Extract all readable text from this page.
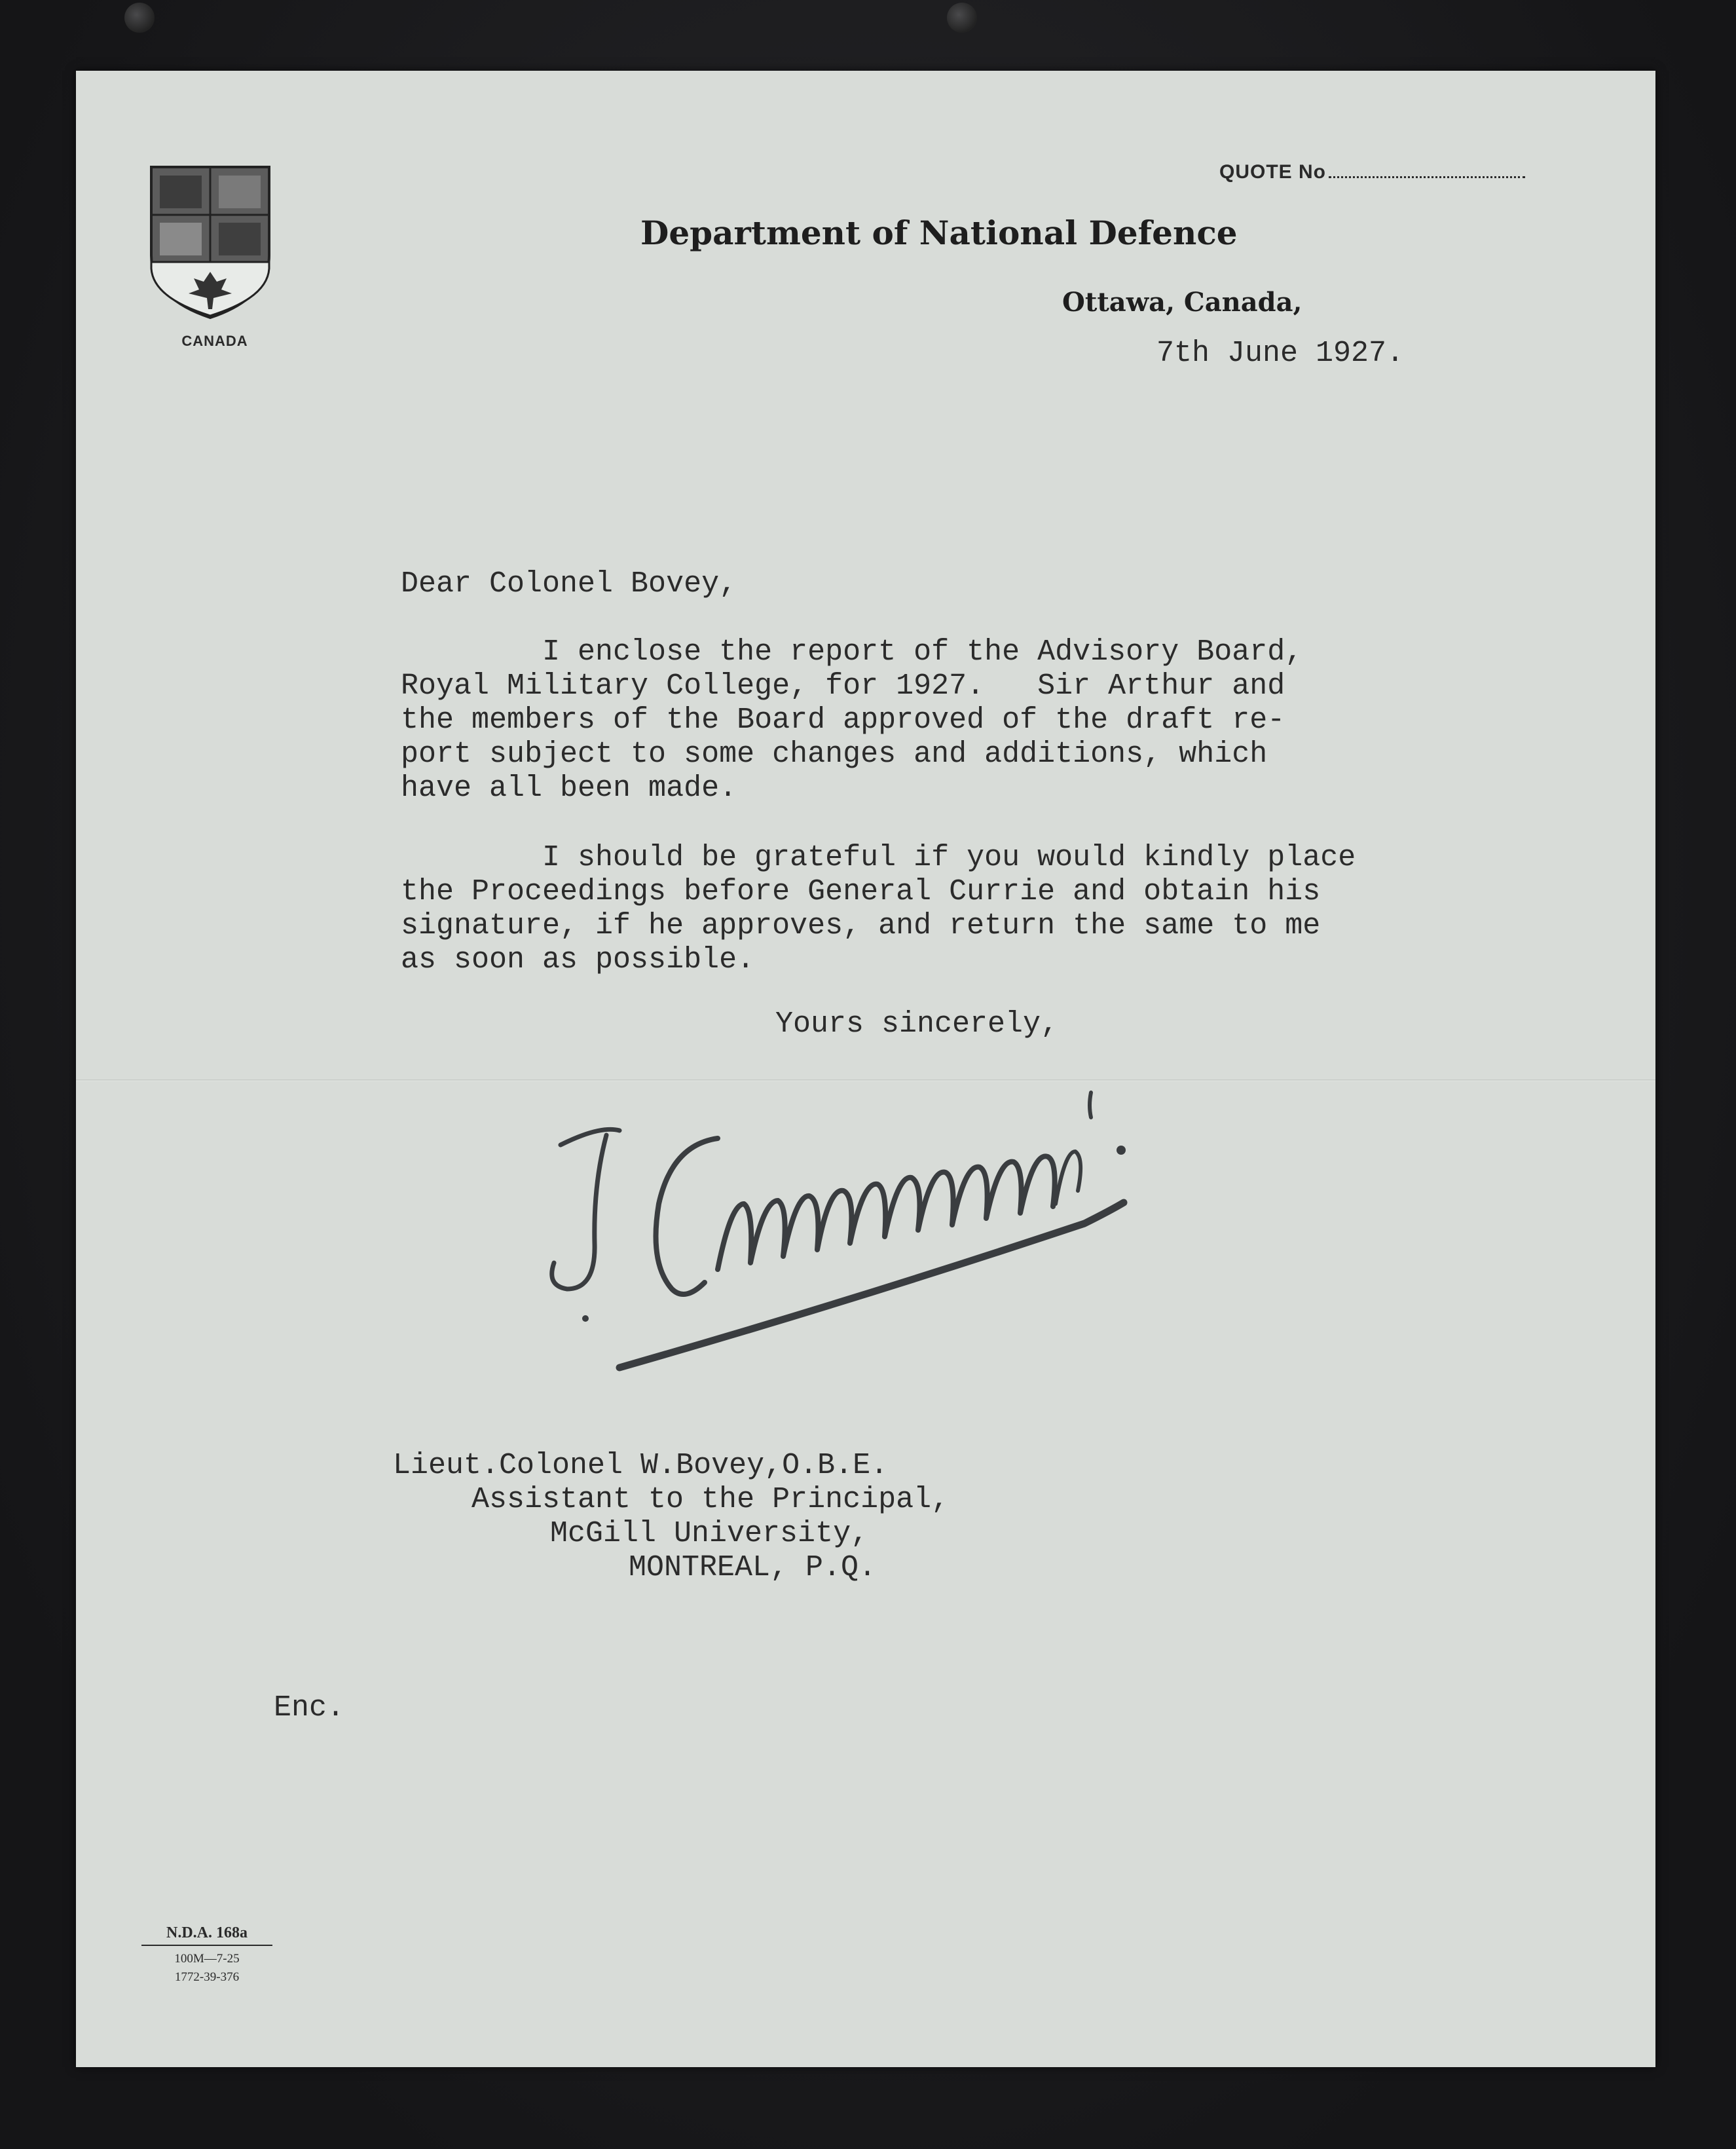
CANADA
QUOTE No
Department of National Defence
Ottawa, Canada,
7th June 1927.
Dear Colonel Bovey,
I enclose the report of the Advisory Board,
Royal Military College, for 1927.   Sir Arthur and
the members of the Board approved of the draft re-
port subject to some changes and additions, which
have all been made.
I should be grateful if you would kindly place
the Proceedings before General Currie and obtain his
signature, if he approves, and return the same to me
as soon as possible.
Yours sincerely,
Lieut.Colonel W.Bovey,O.B.E.
Assistant to the Principal,
McGill University,
MONTREAL, P.Q.
Enc.
N.D.A. 168a
100M—7-25
1772-39-376
